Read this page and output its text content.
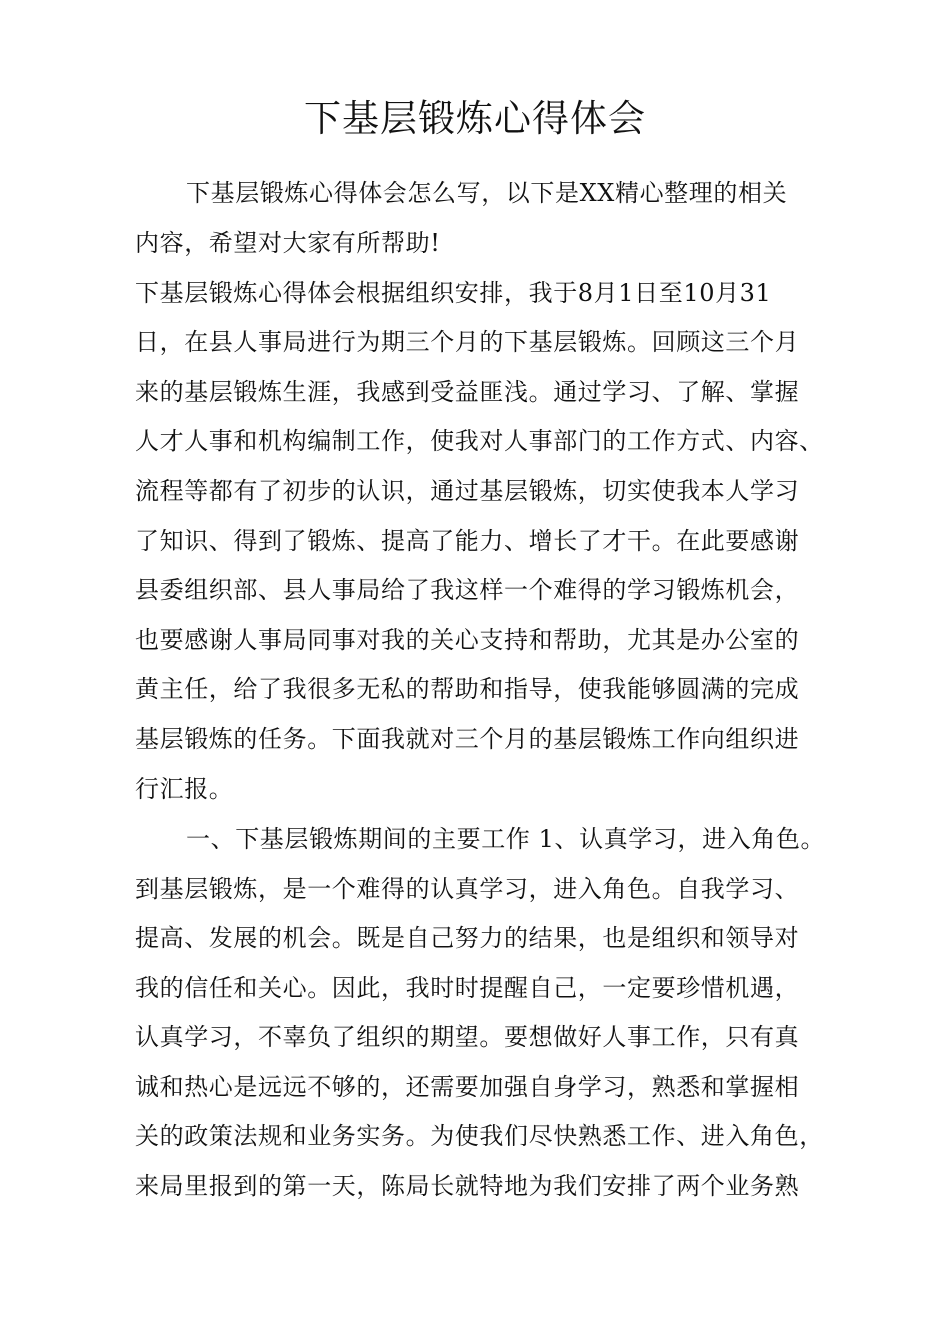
下基层锻炼心得体会
下基层锻炼心得体会怎么写，以下是XX精心整理的相关
内容，希望对大家有所帮助!
下基层锻炼心得体会根据组织安排，我于8月1日至10月31
日，在县人事局进行为期三个月的下基层锻炼。回顾这三个月
来的基层锻炼生涯，我感到受益匪浅。通过学习、了解、掌握
人才人事和机构编制工作，使我对人事部门的工作方式、内容、
流程等都有了初步的认识，通过基层锻炼，切实使我本人学习
了知识、得到了锻炼、提高了能力、增长了才干。在此要感谢
县委组织部、县人事局给了我这样一个难得的学习锻炼机会，
也要感谢人事局同事对我的关心支持和帮助，尤其是办公室的
黄主任，给了我很多无私的帮助和指导，使我能够圆满的完成
基层锻炼的任务。下面我就对三个月的基层锻炼工作向组织进
行汇报。
一、下基层锻炼期间的主要工作 1、认真学习，进入角色。
到基层锻炼，是一个难得的认真学习，进入角色。自我学习、
提高、发展的机会。既是自己努力的结果，也是组织和领导对
我的信任和关心。因此，我时时提醒自己，一定要珍惜机遇，
认真学习，不辜负了组织的期望。要想做好人事工作，只有真
诚和热心是远远不够的，还需要加强自身学习，熟悉和掌握相
关的政策法规和业务实务。为使我们尽快熟悉工作、进入角色，
来局里报到的第一天，陈局长就特地为我们安排了两个业务熟
